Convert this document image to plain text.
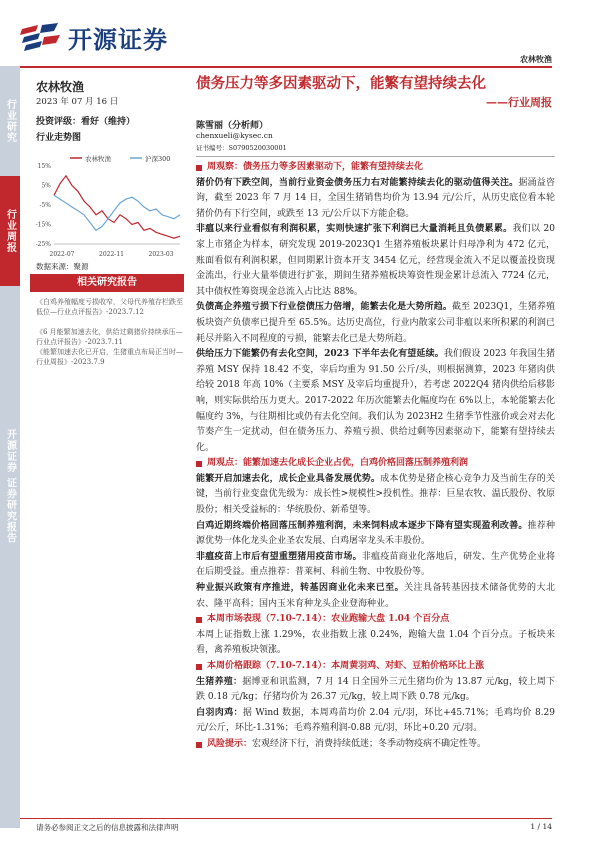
开源证券
农林牧渔
行业研究
行业周报
开源证券 证券研究报告
农林牧渔
2023 年 07 月 16 日
投资评级：看好（维持）
行业走势图
农林牧渔	沪深300
15%
5%
-5%
-15%
-25%
2022-07	2022-11	2023-03
数据来源：聚源
相关研究报告
《白鸡养殖幅度亏损收窄，父母代养殖存栏跌至低位—行业点评报告》-2023.7.12
《6 月能繁加速去化，供给过剩猪价持续承压—行业点评报告》-2023.7.11
《能繁加速去化已开启，生猪重点布局正当时—行业周报》-2023.7.9
债务压力等多因素驱动下，能繁有望持续去化
——行业周报
陈雪丽（分析师）
chenxueli@kysec.cn
证书编号：S0790520030001
周观察：债务压力等多因素驱动下，能繁有望持续去化
猪价仍有下跌空间，当前行业资金债务压力右对能繁持续去化的驱动值得关注。据涌益咨询，截至 2023 年 7 月 14 日，全国生猪销售均价为 13.94 元/公斤，从历史底位看本轮猪价仍有下行空间，或跌至 13 元/公斤以下方能企稳。
非瘟以来行业看似有利润积累，实则快速扩张下利润已大量消耗且负债累累。我们以 20 家上市猪企为样本，研究发现 2019-2023Q1 生猪养殖板块累计归母净利为 472 亿元，账面看似有利润积累，但同期累计资本开支 3454 亿元，经营现金流入不足以覆盖投资现金流出，行业大量举债进行扩张，期间生猪养殖板块筹资性现金累计总流入 7724 亿元，其中债权性筹资现金总流入占比达 88%。
负债高企养殖亏损下行业偿债压力倍增，能繁去化是大势所趋。截至 2023Q1，生猪养殖板块资产负债率已提升至 65.5%。达历史高位，行业内散家公司非瘟以来所积累的利润已耗尽并陷入不同程度的亏损，能繁去化已是大势所趋。
供给压力下能繁仍有去化空间，2023 下半年去化有望延续。我们假设 2023 年我国生猪养殖 MSY 保持 18.42 不变，宰后均重为 91.50 公斤/头，则根据测算，2023 年猪肉供给较 2018 年高 10%（主要系 MSY 及宰后均重提升），若考虑 2022Q4 猪肉供给后移影响，则实际供给压力更大。2017-2022 年历次能繁去化幅度均在 6%以上，本轮能繁去化幅度约 3%，与往期相比或仍有去化空间。我们认为 2023H2 生猪季节性涨价或会对去化节奏产生一定扰动，但在债务压力、养殖亏损、供给过剩等因素驱动下，能繁有望持续去化。
周观点：能繁加速去化成长企业占优，白鸡价格回落压制养殖利润
能繁开启加速去化，成长企业具备发展优势。成本优势是猪企核心竞争力及当前生存的关键，当前行业变盘优先级为：成长性>规模性>投机性。推荐：巨星农牧、温氏股份、牧原股份；相关受益标的：华统股份、新希望等。
白鸡近期终端价格回落压制养殖利润，未来饲料成本逐步下降有望实现盈利改善。推荐种源优势一体化龙头企业圣农发展、白鸡屠宰龙头禾丰股份。
非瘟疫苗上市后有望重塑猪用疫苗市场。非瘟疫苗商业化落地后，研发、生产优势企业将在后期受益。重点推荐：普莱柯、科前生物、中牧股份等。
种业振兴政策有序推进，转基因商业化未来已至。关注具备转基因技术储备优势的大北农、隆平高科；国内玉米育种龙头企业登海种业。
本周市场表现（7.10-7.14）：农业跑输大盘 1.04 个百分点
本周上证指数上涨 1.29%，农业指数上涨 0.24%，跑输大盘 1.04 个百分点。子板块来看，禽养殖板块领涨。
本周价格跟踪（7.10-7.14）：本周黄羽鸡、对虾、豆粕价格环比上涨
生猪养殖：据博亚和讯监测，7 月 14 日全国外三元生猪均价为 13.87 元/kg，较上周下跌 0.18 元/kg；仔猪均价为 26.37 元/kg，较上周下跌 0.78 元/kg。
白羽肉鸡：据 Wind 数据，本周鸡苗均价 2.04 元/羽，环比+45.71%；毛鸡均价 8.29 元/公斤，环比-1.31%；毛鸡养殖利润-0.88 元/羽，环比+0.20 元/羽。
风险提示：宏观经济下行，消费持续低迷；冬季动物疫病不确定性等。
请务必参阅正文之后的信息披露和法律声明	1 / 14
